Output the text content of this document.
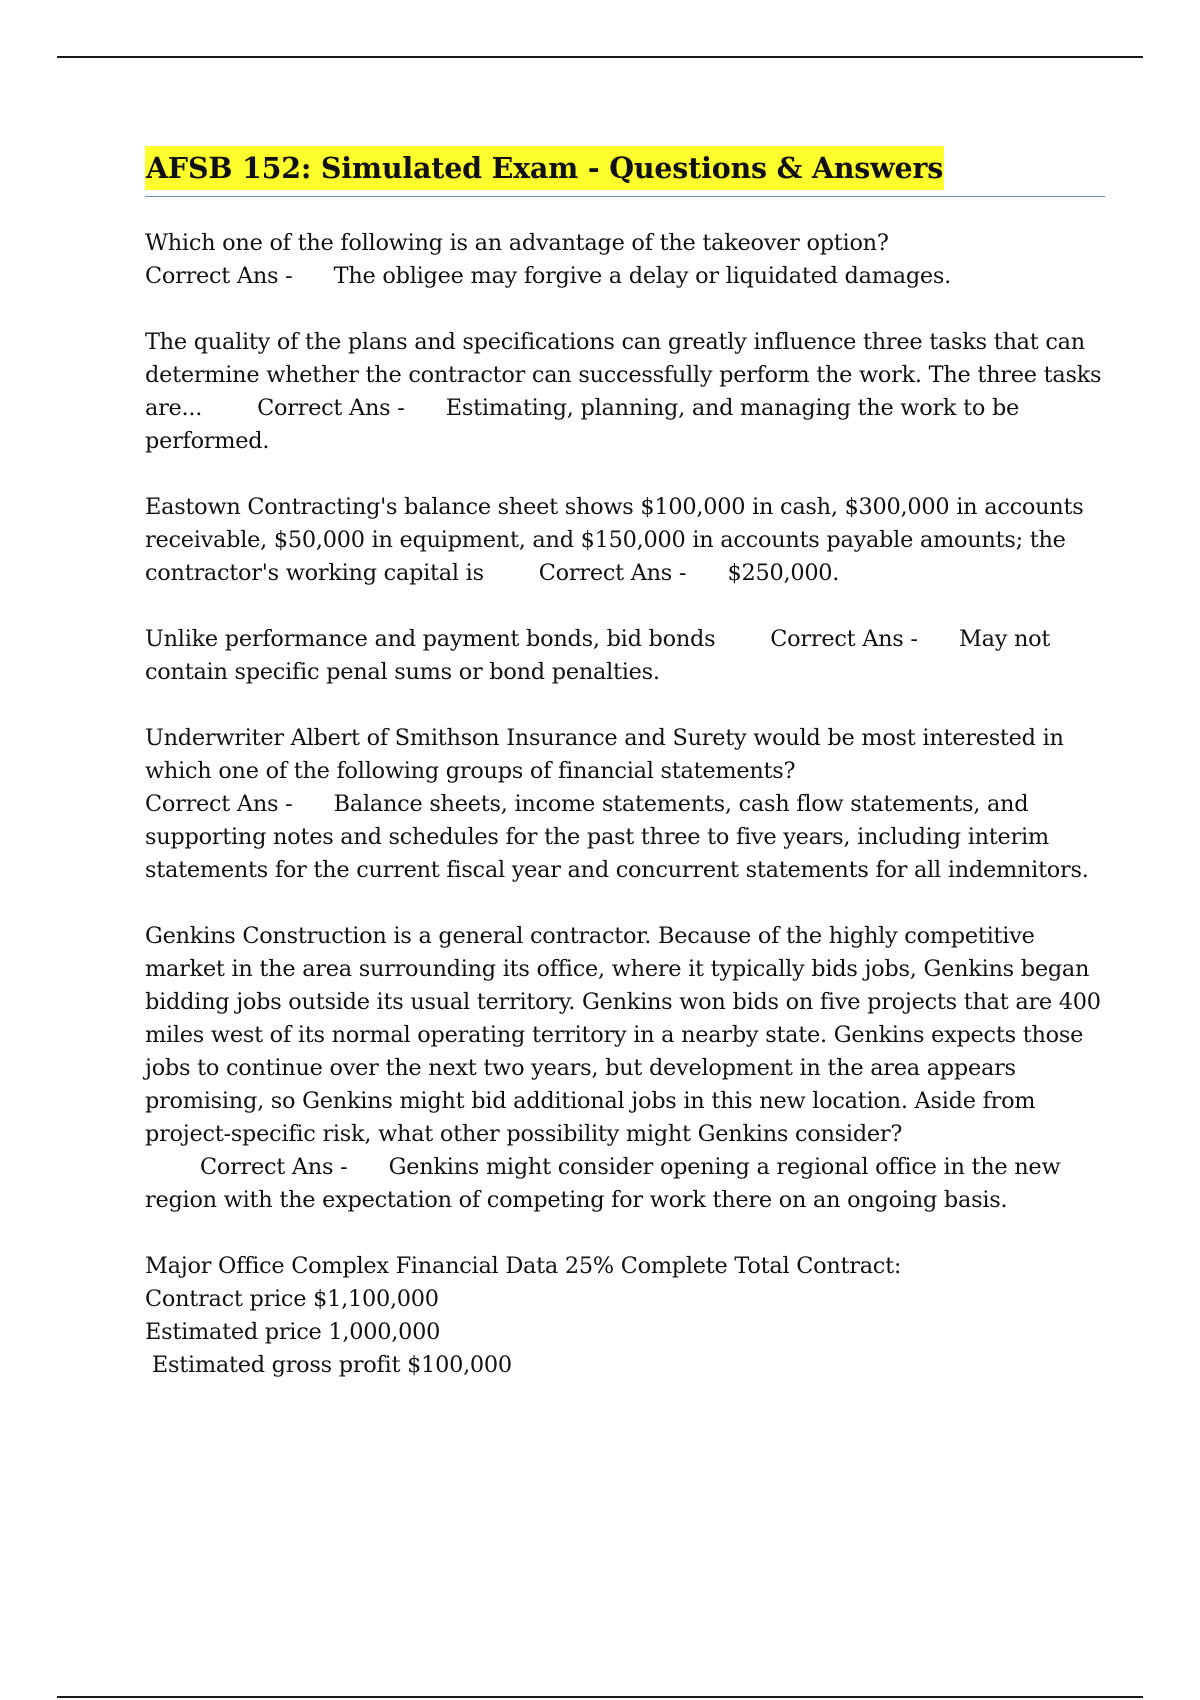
AFSB 152: Simulated Exam - Questions & Answers
Which one of the following is an advantage of the takeover option?
Correct Ans - The obligee may forgive a delay or liquidated damages.
The quality of the plans and specifications can greatly influence three tasks that can determine whether the contractor can successfully perform the work. The three tasks are... Correct Ans - Estimating, planning, and managing the work to be performed.
Eastown Contracting's balance sheet shows $100,000 in cash, $300,000 in accounts receivable, $50,000 in equipment, and $150,000 in accounts payable amounts; the contractor's working capital is Correct Ans - $250,000.
Unlike performance and payment bonds, bid bonds Correct Ans - May not contain specific penal sums or bond penalties.
Underwriter Albert of Smithson Insurance and Surety would be most interested in which one of the following groups of financial statements?
Correct Ans - Balance sheets, income statements, cash flow statements, and supporting notes and schedules for the past three to five years, including interim statements for the current fiscal year and concurrent statements for all indemnitors.
Genkins Construction is a general contractor. Because of the highly competitive market in the area surrounding its office, where it typically bids jobs, Genkins began bidding jobs outside its usual territory. Genkins won bids on five projects that are 400 miles west of its normal operating territory in a nearby state. Genkins expects those jobs to continue over the next two years, but development in the area appears promising, so Genkins might bid additional jobs in this new location. Aside from project-specific risk, what other possibility might Genkins consider?        Correct Ans - Genkins might consider opening a regional office in the new region with the expectation of competing for work there on an ongoing basis.
Major Office Complex Financial Data 25% Complete Total Contract:
Contract price $1,100,000
Estimated price 1,000,000
Estimated gross profit $100,000
